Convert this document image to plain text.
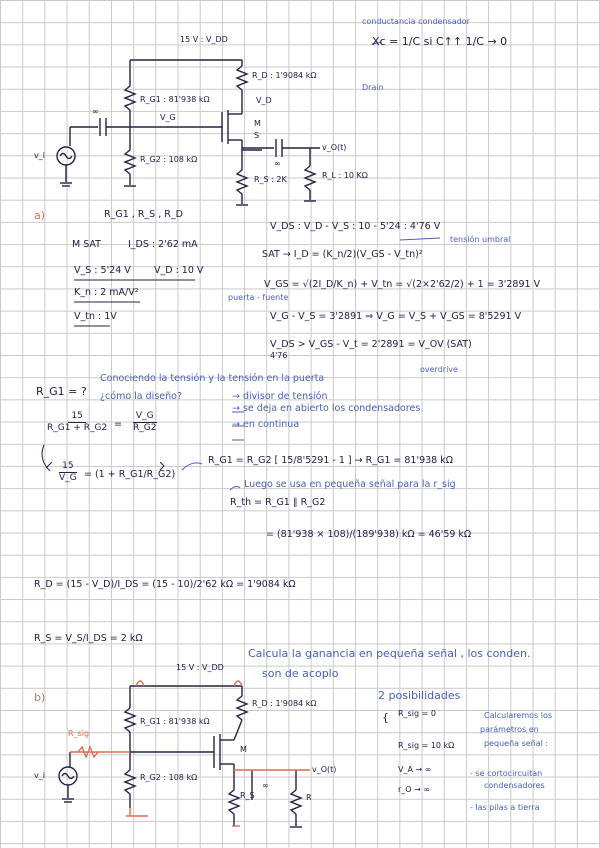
conductancia condensador
Xc = 1/C si C↑↑ 1/C → 0
15 V : V_DD
R_D : 1'9084 kΩ
V_D
R_G1 : 81'938 kΩ
V_G
R_G2 : 108 kΩ
M
S
∞
∞
v_O(t)
R_S : 2K	R_L : 10 KΩ
v_i
Drain
a)	R_G1 , R_S , R_D
M SAT	I_DS : 2'62 mA
V_S : 5'24 V V_D : 10 V
K_n : 2 mA/V²
V_tn : 1V
V_DS : V_D - V_S : 10 - 5'24 : 4'76 V
SAT → I_D = (K_n/2)(V_GS - V_tn)²
tensión umbral
V_GS = √(2I_D/K_n) + V_tn = √(2×2'62/2) + 1 = 3'2891 V
puerta - fuente
V_G - V_S = 3'2891 ⇒ V_G = V_S + V_GS = 8'5291 V
V_DS > V_GS - V_t = 2'2891 = V_OV (SAT)
4'76
overdrive
R_G1 = ?
Conociendo la tensión y la tensión en la puerta
¿cómo la diseño?	→ divisor de tensión
→ se deja en abierto los condensadores
→ en continua
$\frac{15}{R\_G1 + R\_G2} = \frac{V\_G}{R\_G2}$
$\frac{15}{V\_G} = (1$ + R_G1/R_G2)
R_G1 = R_G2 [ 15/8'5291 - 1 ] → R_G1 = 81'938 kΩ
Luego se usa en pequeña señal para la r_sig
R_th = R_G1 ∥ R_G2
= (81'938 × 108)/(189'938) kΩ = 46'59 kΩ
R_D = (15 - V_D)/I_DS = (15 - 10)/2'62 kΩ = 1'9084 kΩ
R_S = V_S/I_DS = 2 kΩ
Calcula la ganancia en pequeña señal , los conden.
son de acoplo
b)
15 V : V_DD
R_D : 1'9084 kΩ
R_G1 : 81'938 kΩ
R_G2 : 108 kΩ
R_sig
v_i
M
R_S
v_O(t)
R
∞
2 posibilidades
{ R_sig = 0
R_sig = 10 kΩ
V_A → ∞
r_O → ∞
Calcularemos los
parámetros en
pequeña señal :
- se cortocircuitan
condensadores
- las pilas a tierra
